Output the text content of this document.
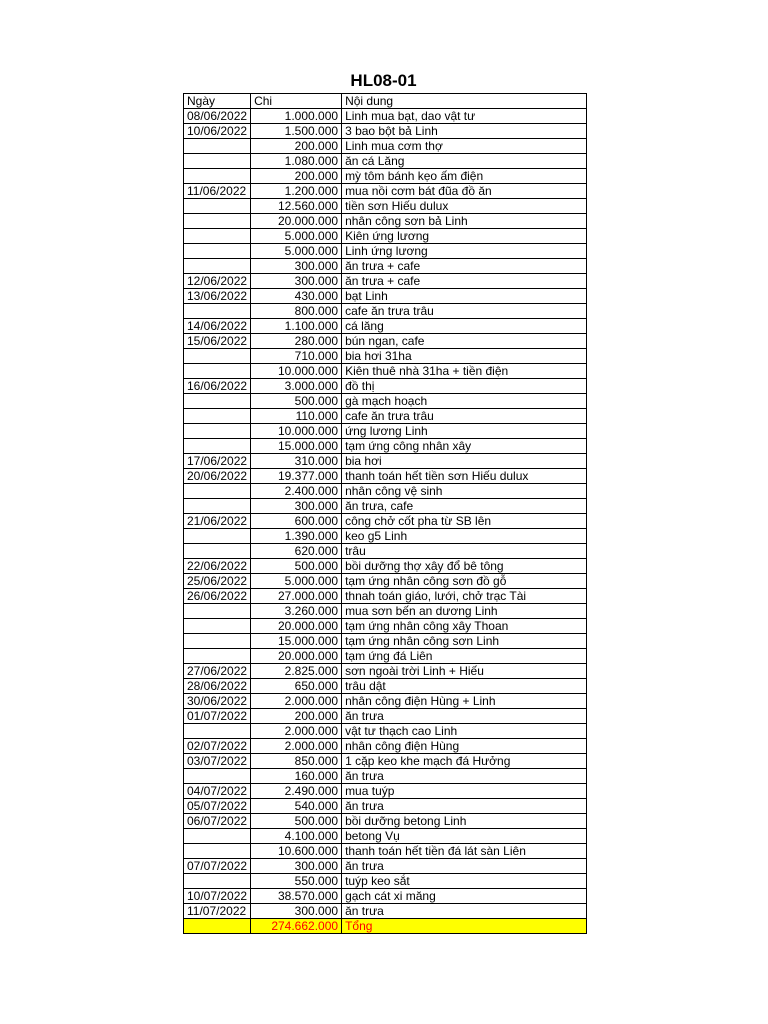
HL08-01
Ngày	Chi	Nội dung
08/06/2022	1.000.000	Linh mua bạt, dao vật tư
10/06/2022	1.500.000	3 bao bột bả Linh
	200.000	Linh mua cơm thợ
	1.080.000	ăn cá Lăng
	200.000	mỳ tôm bánh kẹo ấm điện
11/06/2022	1.200.000	mua nồi cơm bát đũa đồ ăn
	12.560.000	tiền sơn Hiếu dulux
	20.000.000	nhân công sơn bả Linh
	5.000.000	Kiên ứng lương
	5.000.000	Linh ứng lương
	300.000	ăn trưa + cafe
12/06/2022	300.000	ăn trưa + cafe
13/06/2022	430.000	bạt Linh
	800.000	cafe ăn trưa trâu
14/06/2022	1.100.000	cá lăng
15/06/2022	280.000	bún ngan, cafe
	710.000	bia hơi 31ha
	10.000.000	Kiên thuê nhà 31ha + tiền điện
16/06/2022	3.000.000	đồ thị
	500.000	gà mạch hoạch
	110.000	cafe ăn trưa trâu
	10.000.000	ứng lương Linh
	15.000.000	tạm ứng công nhân xây
17/06/2022	310.000	bia hơi
20/06/2022	19.377.000	thanh toán hết tiền sơn Hiếu dulux
	2.400.000	nhân công vệ sinh
	300.000	ăn trưa, cafe
21/06/2022	600.000	công chở cốt pha từ SB lên
	1.390.000	keo g5 Linh
	620.000	trâu
22/06/2022	500.000	bồi dưỡng thợ xây đổ bê tông
25/06/2022	5.000.000	tạm ứng nhân công sơn đồ gỗ
26/06/2022	27.000.000	thnah toán giáo, lưới, chở trạc Tài
	3.260.000	mua sơn bến an dương Linh
	20.000.000	tạm ứng nhân công xây Thoan
	15.000.000	tạm ứng nhân công sơn Linh
	20.000.000	tạm ứng đá Liên
27/06/2022	2.825.000	sơn ngoài trời Linh + Hiếu
28/06/2022	650.000	trâu dật
30/06/2022	2.000.000	nhân công điện Hùng + Linh
01/07/2022	200.000	ăn trưa
	2.000.000	vật tư thạch cao Linh
02/07/2022	2.000.000	nhân công điện Hùng
03/07/2022	850.000	1 cặp keo khe mạch đá Hưởng
	160.000	ăn trưa
04/07/2022	2.490.000	mua tuýp
05/07/2022	540.000	ăn trưa
06/07/2022	500.000	bồi dưỡng betong Linh
	4.100.000	betong Vụ
	10.600.000	thanh toán hết tiền đá lát sàn Liên
07/07/2022	300.000	ăn trưa
	550.000	tuýp keo sắt
10/07/2022	38.570.000	gạch cát xi măng
11/07/2022	300.000	ăn trưa
	274.662.000	Tổng
